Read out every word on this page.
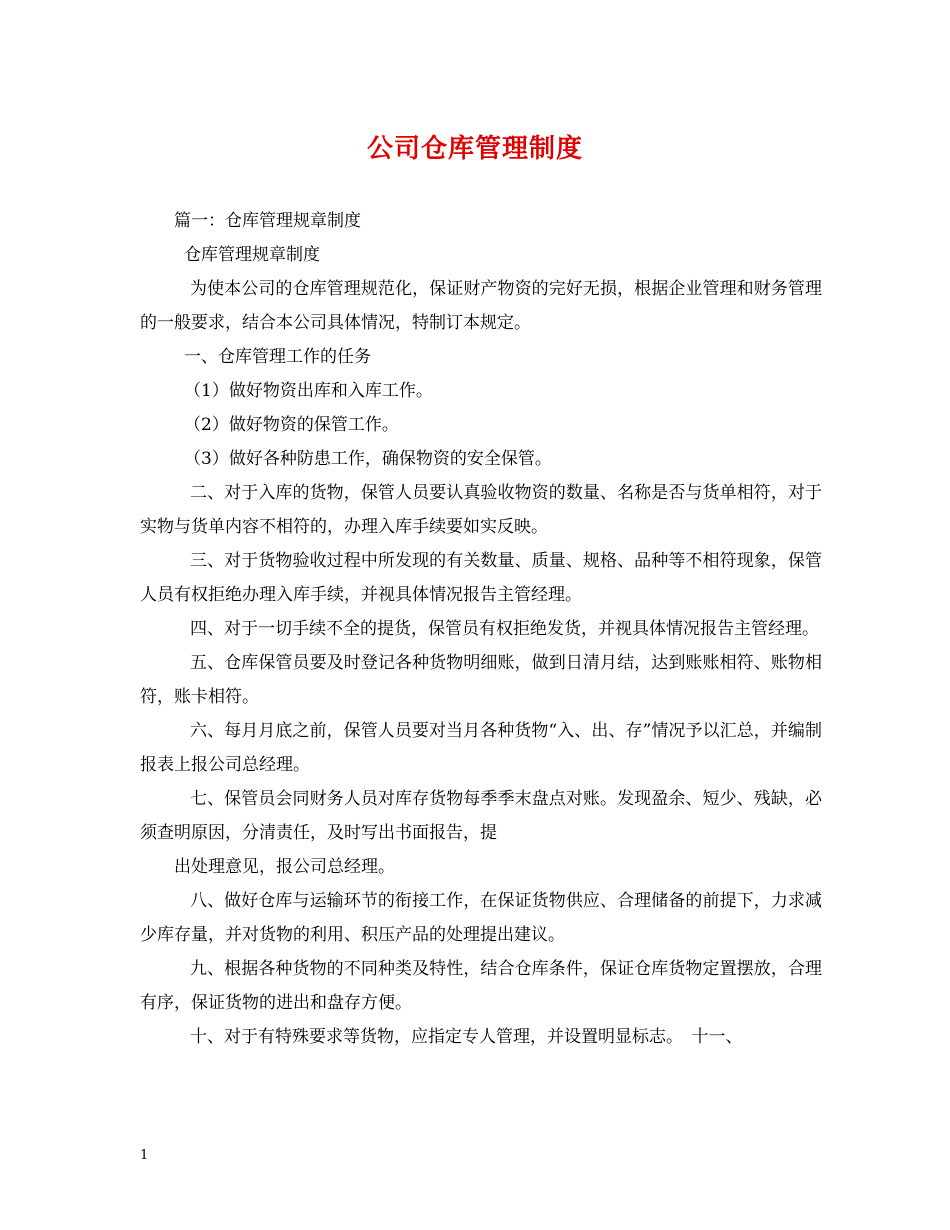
公司仓库管理制度

篇一：仓库管理规章制度

仓库管理规章制度

为使本公司的仓库管理规范化，保证财产物资的完好无损，根据企业管理和财务管理的一般要求，结合本公司具体情况，特制订本规定。

一、仓库管理工作的任务

（1）做好物资出库和入库工作。

（2）做好物资的保管工作。

（3）做好各种防患工作，确保物资的安全保管。

二、对于入库的货物，保管人员要认真验收物资的数量、名称是否与货单相符，对于实物与货单内容不相符的，办理入库手续要如实反映。

三、对于货物验收过程中所发现的有关数量、质量、规格、品种等不相符现象，保管人员有权拒绝办理入库手续，并视具体情况报告主管经理。

四、对于一切手续不全的提货，保管员有权拒绝发货，并视具体情况报告主管经理。

五、仓库保管员要及时登记各种货物明细账，做到日清月结，达到账账相符、账物相符，账卡相符。

六、每月月底之前，保管人员要对当月各种货物“入、出、存”情况予以汇总，并编制报表上报公司总经理。

七、保管员会同财务人员对库存货物每季季末盘点对账。发现盈余、短少、残缺，必须查明原因，分清责任，及时写出书面报告，提

出处理意见，报公司总经理。

八、做好仓库与运输环节的衔接工作，在保证货物供应、合理储备的前提下，力求减少库存量，并对货物的利用、积压产品的处理提出建议。

九、根据各种货物的不同种类及特性，结合仓库条件，保证仓库货物定置摆放，合理有序，保证货物的进出和盘存方便。

十、对于有特殊要求等货物，应指定专人管理，并设置明显标志。　十一、

1
